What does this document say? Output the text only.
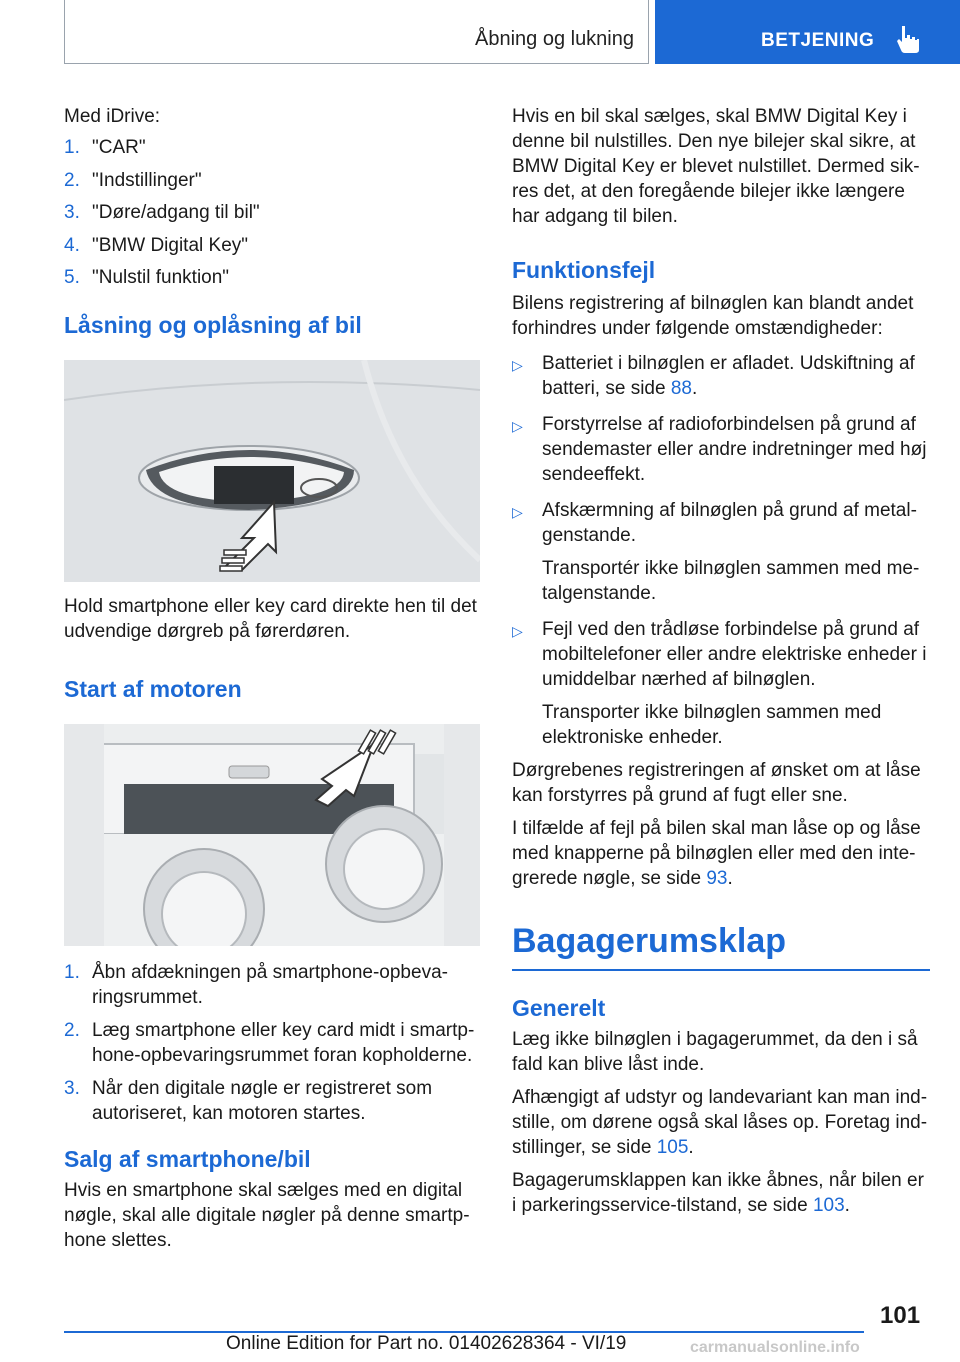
Åbning og lukning	BETJENING

Med iDrive:

1. "CAR"
2. "Indstillinger"
3. "Døre/adgang til bil"
4. "BMW Digital Key"
5. "Nulstil funktion"
Låsning og oplåsning af bil

Hold smartphone eller key card direkte hen til det udvendige dørgreb på førerdøren.

Start af motoren
1. Åbn afdækningen på smartphone-opbevaringsrummet.
2. Læg smartphone eller key card midt i smartphone-opbevaringsrummet foran kopholderne.
3. Når den digitale nøgle er registreret som autoriseret, kan motoren startes.
Salg af smartphone/bil

Hvis en smartphone skal sælges med en digital nøgle, skal alle digitale nøgler på denne smartphone slettes.

Hvis en bil skal sælges, skal BMW Digital Key i denne bil nulstilles. Den nye bilejer skal sikre, at BMW Digital Key er blevet nulstillet. Dermed sikres det, at den foregående bilejer ikke længere har adgang til bilen.

Funktionsfejl

Bilens registrering af bilnøglen kan blandt andet forhindres under følgende omstændigheder:

▷	Batteriet i bilnøglen er afladet. Udskiftning af batteri, se side 88.
▷	Forstyrrelse af radioforbindelsen på grund af sendemaster eller andre indretninger med høj sendeeffekt.
▷	Afskærmning af bilnøglen på grund af metalgenstande.
Transportér ikke bilnøglen sammen med metalgenstande.
▷	Fejl ved den trådløse forbindelse på grund af mobiltelefoner eller andre elektriske enheder i umiddelbar nærhed af bilnøglen.
Transporter ikke bilnøglen sammen med elektroniske enheder.

Dørgrebenes registreringen af ønsket om at låse kan forstyrres på grund af fugt eller sne.

I tilfælde af fejl på bilen skal man låse op og låse med knapperne på bilnøglen eller med den integrerede nøgle, se side 93.

Bagagerumsklap
Generelt

Læg ikke bilnøglen i bagagerummet, da den i så fald kan blive låst inde.

Afhængigt af udstyr og landevariant kan man indstille, om dørene også skal låses op. Foretag indstillinger, se side 105.

Bagagerumsklappen kan ikke åbnes, når bilen er i parkeringsservice-tilstand, se side 103.

101
Online Edition for Part no. 01402628364 - VI/19	carmanualsonline.info
